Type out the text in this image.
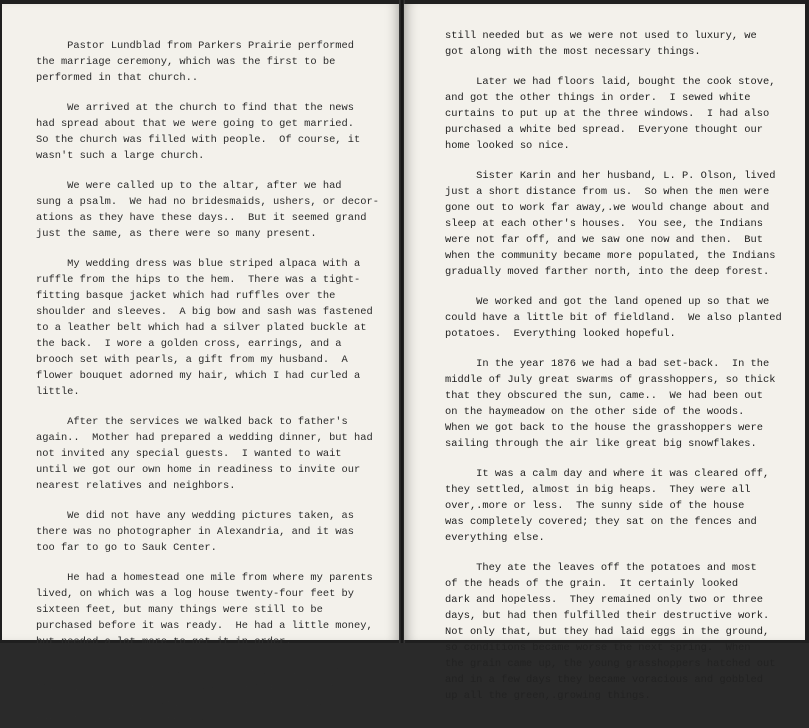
Pastor Lundblad from Parkers Prairie performed
the marriage ceremony, which was the first to be
performed in that church..

We arrived at the church to find that the news
had spread about that we were going to get married.
So the church was filled with people.  Of course, it
wasn't such a large church.

We were called up to the altar, after we had
sung a psalm.  We had no bridesmaids, ushers, or decor-
ations as they have these days..  But it seemed grand
just the same, as there were so many present.

My wedding dress was blue striped alpaca with a
ruffle from the hips to the hem.  There was a tight-
fitting basque jacket which had ruffles over the
shoulder and sleeves.  A big bow and sash was fastened
to a leather belt which had a silver plated buckle at
the back.  I wore a golden cross, earrings, and a
brooch set with pearls, a gift from my husband.  A
flower bouquet adorned my hair, which I had curled a
little.

After the services we walked back to father's
again..  Mother had prepared a wedding dinner, but had
not invited any special guests.  I wanted to wait
until we got our own home in readiness to invite our
nearest relatives and neighbors.

We did not have any wedding pictures taken, as
there was no photographer in Alexandria, and it was
too far to go to Sauk Center.

He had a homestead one mile from where my parents
lived, on which was a log house twenty-four feet by
sixteen feet, but many things were still to be
purchased before it was ready.  He had a little money,
but needed a lot more to get it in order.

We had to have a cook stove, and various other
things.  We also wanted a cow.  He had a pair of
steers for hauling, which he had earned during
harvest time.  Yes, there were many things that we

still needed but as we were not used to luxury, we
got along with the most necessary things.

Later we had floors laid, bought the cook stove,
and got the other things in order.  I sewed white
curtains to put up at the three windows.  I had also
purchased a white bed spread.  Everyone thought our
home looked so nice.

Sister Karin and her husband, L. P. Olson, lived
just a short distance from us.  So when the men were
gone out to work far away,.we would change about and
sleep at each other's houses.  You see, the Indians
were not far off, and we saw one now and then.  But
when the community became more populated, the Indians
gradually moved farther north, into the deep forest.

We worked and got the land opened up so that we
could have a little bit of fieldland.  We also planted
potatoes.  Everything looked hopeful.

In the year 1876 we had a bad set-back.  In the
middle of July great swarms of grasshoppers, so thick
that they obscured the sun, came..  We had been out
on the haymeadow on the other side of the woods.
When we got back to the house the grasshoppers were
sailing through the air like great big snowflakes.

It was a calm day and where it was cleared off,
they settled, almost in big heaps.  They were all
over,.more or less.  The sunny side of the house
was completely covered; they sat on the fences and
everything else.

They ate the leaves off the potatoes and most
of the heads of the grain.  It certainly looked
dark and hopeless.  They remained only two or three
days, but had then fulfilled their destructive work.
Not only that, but they had laid eggs in the ground,
so conditions became worse the next spring.  When
the grain came up, the young grasshoppers hatched out
and in a few days they became voracious and gobbled
up all the green,.growing things.
